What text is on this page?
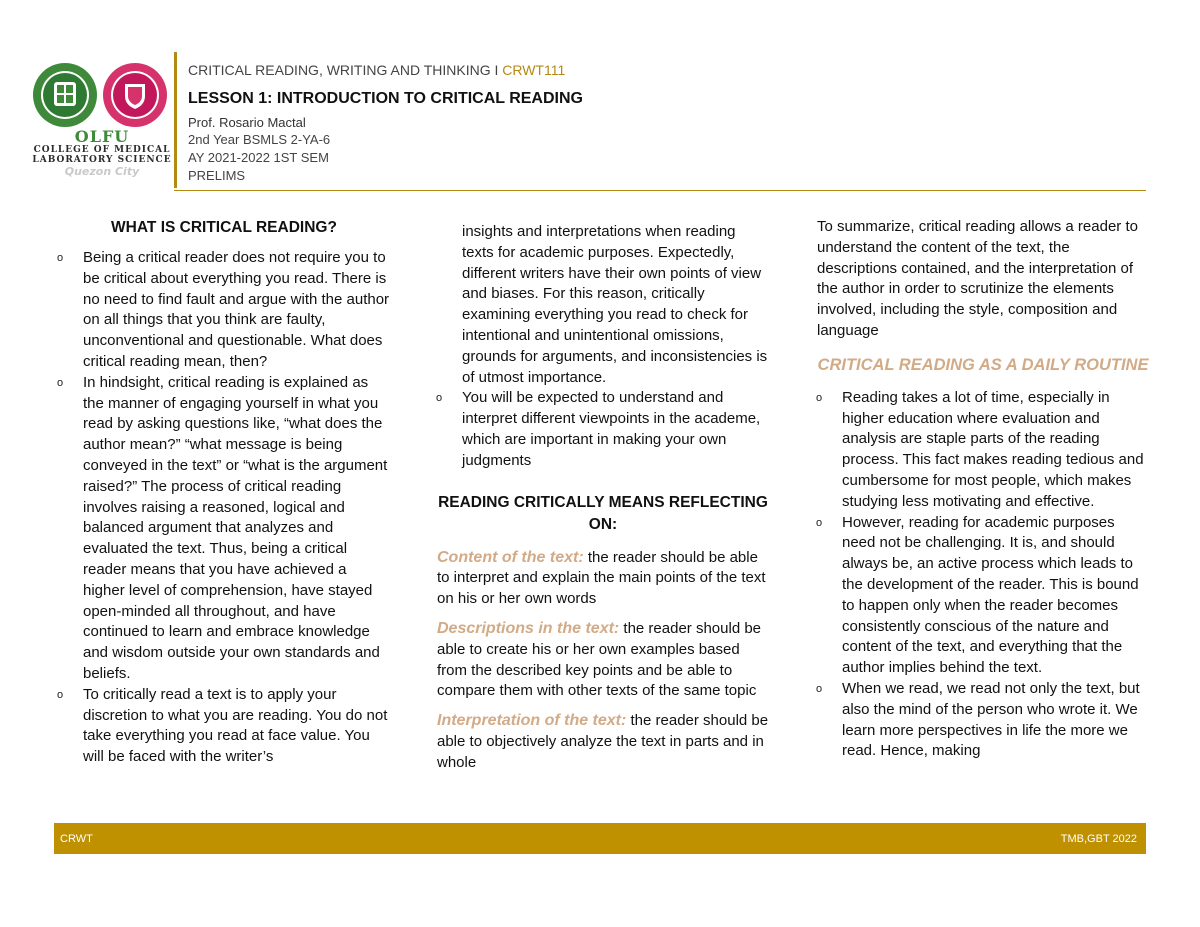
OLFU
COLLEGE OF MEDICAL
LABORATORY SCIENCE
Quezon City
CRITICAL READING, WRITING AND THINKING I CRWT111
LESSON 1: INTRODUCTION TO CRITICAL READING
Prof. Rosario Mactal
2nd Year BSMLS 2-YA-6
AY 2021-2022 1ST SEM
PRELIMS
WHAT IS CRITICAL READING?
o Being a critical reader does not require you to be critical about everything you read. There is no need to find fault and argue with the author on all things that you think are faulty, unconventional and questionable. What does critical reading mean, then?
o In hindsight, critical reading is explained as the manner of engaging yourself in what you read by asking questions like, “what does the author mean?” “what message is being conveyed in the text” or “what is the argument raised?” The process of critical reading involves raising a reasoned, logical and balanced argument that analyzes and evaluated the text. Thus, being a critical reader means that you have achieved a higher level of comprehension, have stayed open-minded all throughout, and have continued to learn and embrace knowledge and wisdom outside your own standards and beliefs.
o To critically read a text is to apply your discretion to what you are reading. You do not take everything you read at face value. You will be faced with the writer’s

insights and interpretations when reading texts for academic purposes. Expectedly, different writers have their own points of view and biases. For this reason, critically examining everything you read to check for intentional and unintentional omissions, grounds for arguments, and inconsistencies is of utmost importance.

o You will be expected to understand and interpret different viewpoints in the academe, which are important in making your own judgments
READING CRITICALLY MEANS REFLECTING ON:
Content of the text: the reader should be able to interpret and explain the main points of the text on his or her own words
Descriptions in the text: the reader should be able to create his or her own examples based from the described key points and be able to compare them with other texts of the same topic
Interpretation of the text: the reader should be able to objectively analyze the text in parts and in whole

To summarize, critical reading allows a reader to understand the content of the text, the descriptions contained, and the interpretation of the author in order to scrutinize the elements involved, including the style, composition and language

CRITICAL READING AS A DAILY ROUTINE
o Reading takes a lot of time, especially in higher education where evaluation and analysis are staple parts of the reading process. This fact makes reading tedious and cumbersome for most people, which makes studying less motivating and effective.
o However, reading for academic purposes need not be challenging. It is, and should always be, an active process which leads to the development of the reader. This is bound to happen only when the reader becomes consistently conscious of the nature and content of the text, and everything that the author implies behind the text.
o When we read, we read not only the text, but also the mind of the person who wrote it. We learn more perspectives in life the more we read. Hence, making
CRWT	TMB,GBT 2022
